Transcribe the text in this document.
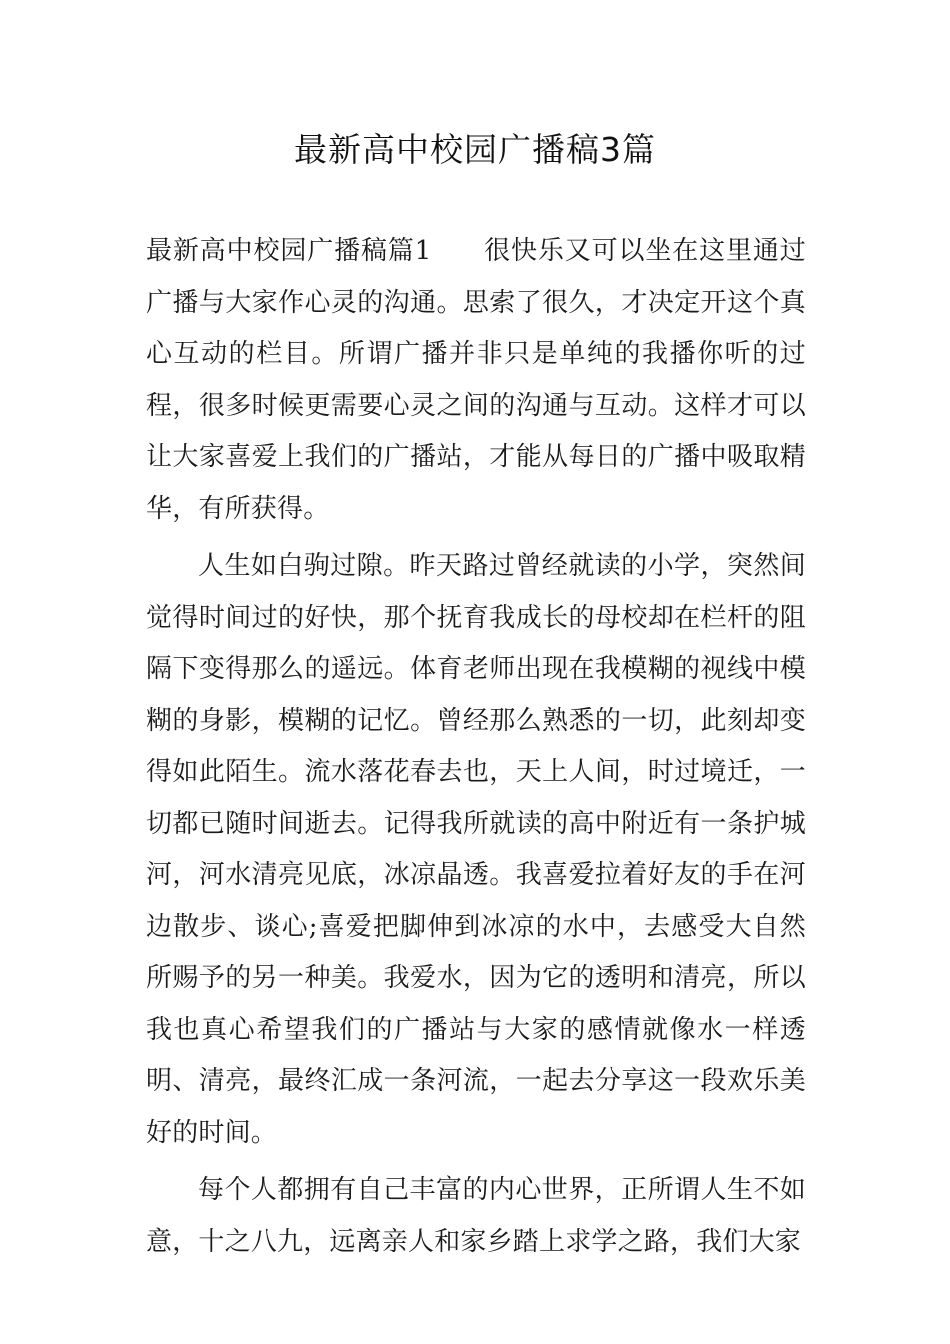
最新高中校园广播稿3篇

最新高中校园广播稿篇1 很快乐又可以坐在这里通过广播与大家作心灵的沟通。思索了很久，才决定开这个真心互动的栏目。所谓广播并非只是单纯的我播你听的过程，很多时候更需要心灵之间的沟通与互动。这样才可以让大家喜爱上我们的广播站，才能从每日的广播中吸取精华，有所获得。

人生如白驹过隙。昨天路过曾经就读的小学，突然间觉得时间过的好快，那个抚育我成长的母校却在栏杆的阻隔下变得那么的遥远。体育老师出现在我模糊的视线中模糊的身影，模糊的记忆。曾经那么熟悉的一切，此刻却变得如此陌生。流水落花春去也，天上人间，时过境迁，一切都已随时间逝去。记得我所就读的高中附近有一条护城河，河水清亮见底，冰凉晶透。我喜爱拉着好友的手在河边散步、谈心;喜爱把脚伸到冰凉的水中，去感受大自然所赐予的另一种美。我爱水，因为它的透明和清亮，所以我也真心希望我们的广播站与大家的感情就像水一样透明、清亮，最终汇成一条河流，一起去分享这一段欢乐美好的时间。

每个人都拥有自己丰富的内心世界，正所谓人生不如意，十之八九，远离亲人和家乡踏上求学之路，我们大家
